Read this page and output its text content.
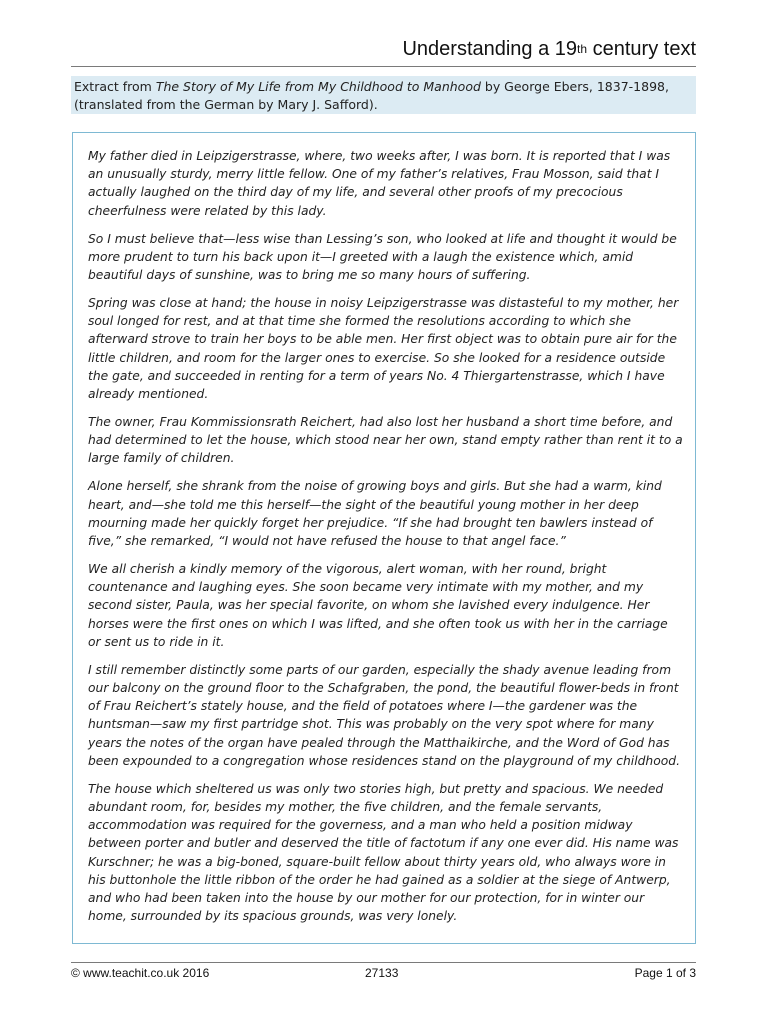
Understanding a 19th century text
Extract from The Story of My Life from My Childhood to Manhood by George Ebers, 1837-1898,
(translated from the German by Mary J. Safford).

My father died in Leipzigerstrasse, where, two weeks after, I was born. It is reported that I was an unusually sturdy, merry little fellow. One of my father’s relatives, Frau Mosson, said that I actually laughed on the third day of my life, and several other proofs of my precocious cheerfulness were related by this lady.

So I must believe that—less wise than Lessing’s son, who looked at life and thought it would be more prudent to turn his back upon it—I greeted with a laugh the existence which, amid beautiful days of sunshine, was to bring me so many hours of suffering.

Spring was close at hand; the house in noisy Leipzigerstrasse was distasteful to my mother, her soul longed for rest, and at that time she formed the resolutions according to which she afterward strove to train her boys to be able men. Her first object was to obtain pure air for the little children, and room for the larger ones to exercise. So she looked for a residence outside the gate, and succeeded in renting for a term of years No. 4 Thiergartenstrasse, which I have already mentioned.

The owner, Frau Kommissionsrath Reichert, had also lost her husband a short time before, and had determined to let the house, which stood near her own, stand empty rather than rent it to a large family of children.

Alone herself, she shrank from the noise of growing boys and girls. But she had a warm, kind heart, and—she told me this herself—the sight of the beautiful young mother in her deep mourning made her quickly forget her prejudice. “If she had brought ten bawlers instead of five,” she remarked, “I would not have refused the house to that angel face.”

We all cherish a kindly memory of the vigorous, alert woman, with her round, bright countenance and laughing eyes. She soon became very intimate with my mother, and my second sister, Paula, was her special favorite, on whom she lavished every indulgence. Her horses were the first ones on which I was lifted, and she often took us with her in the carriage or sent us to ride in it.

I still remember distinctly some parts of our garden, especially the shady avenue leading from our balcony on the ground floor to the Schafgraben, the pond, the beautiful flower-beds in front of Frau Reichert’s stately house, and the field of potatoes where I—the gardener was the huntsman—saw my first partridge shot. This was probably on the very spot where for many years the notes of the organ have pealed through the Matthaikirche, and the Word of God has been expounded to a congregation whose residences stand on the playground of my childhood.

The house which sheltered us was only two stories high, but pretty and spacious. We needed abundant room, for, besides my mother, the five children, and the female servants, accommodation was required for the governess, and a man who held a position midway between porter and butler and deserved the title of factotum if any one ever did. His name was Kurschner; he was a big-boned, square-built fellow about thirty years old, who always wore in his buttonhole the little ribbon of the order he had gained as a soldier at the siege of Antwerp, and who had been taken into the house by our mother for our protection, for in winter our home, surrounded by its spacious grounds, was very lonely.

© www.teachit.co.uk 2016	27133	Page 1 of 3
